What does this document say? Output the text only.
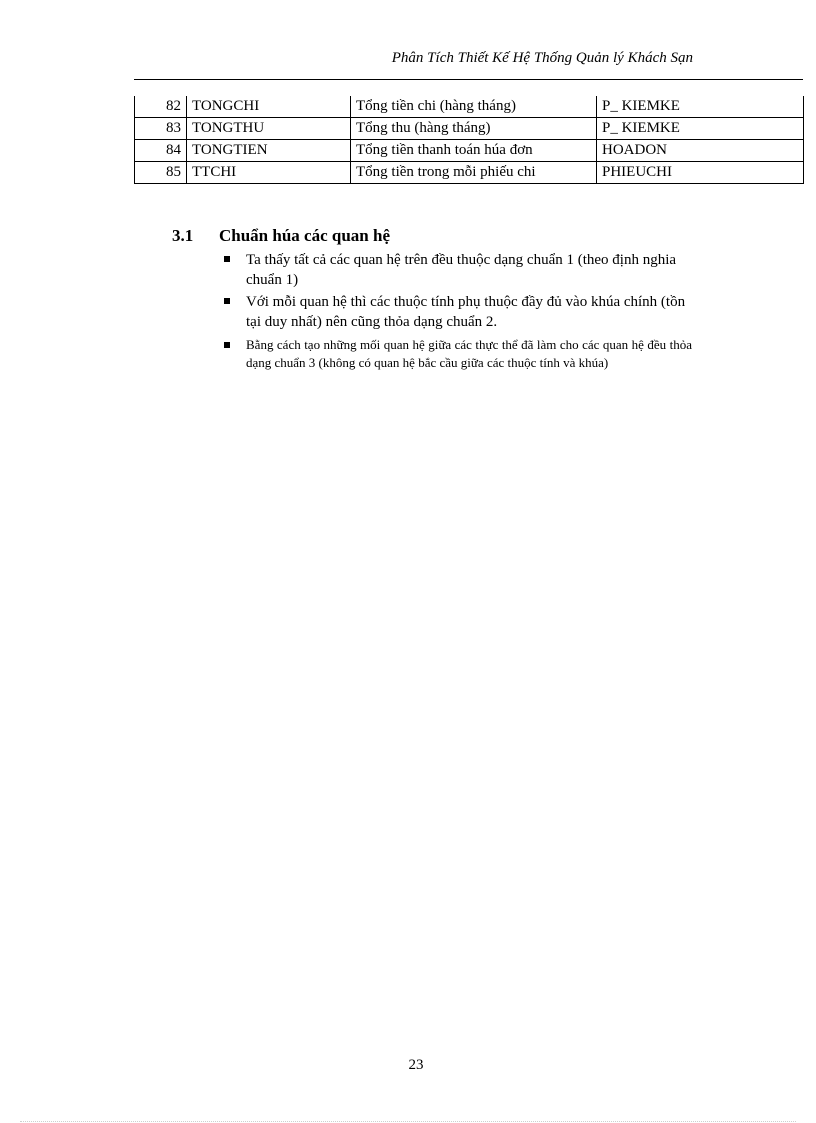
Phân Tích Thiết Kế Hệ Thống Quản lý Khách Sạn
82	TONGCHI	Tổng tiền chi (hàng tháng)	P_ KIEMKE
83	TONGTHU	Tổng thu (hàng tháng)	P_ KIEMKE
84	TONGTIEN	Tổng tiền thanh toán húa đơn	HOADON
85	TTCHI	Tổng tiền trong mỗi phiếu chi	PHIEUCHI
3.1 Chuẩn húa các quan hệ
Ta thấy tất cả các quan hệ trên đều thuộc dạng chuẩn 1 (theo định nghia chuẩn 1)
Với mỗi quan hệ thì các thuộc tính phụ thuộc đầy đủ vào khúa chính (tồn tại duy nhất) nên cũng thỏa dạng chuẩn 2.
Bằng cách tạo những mối quan hệ giữa các thực thể đã làm cho các quan hệ đều thỏa dạng chuẩn 3 (không có quan hệ bắc cầu giữa các thuộc tính và khúa)
23
